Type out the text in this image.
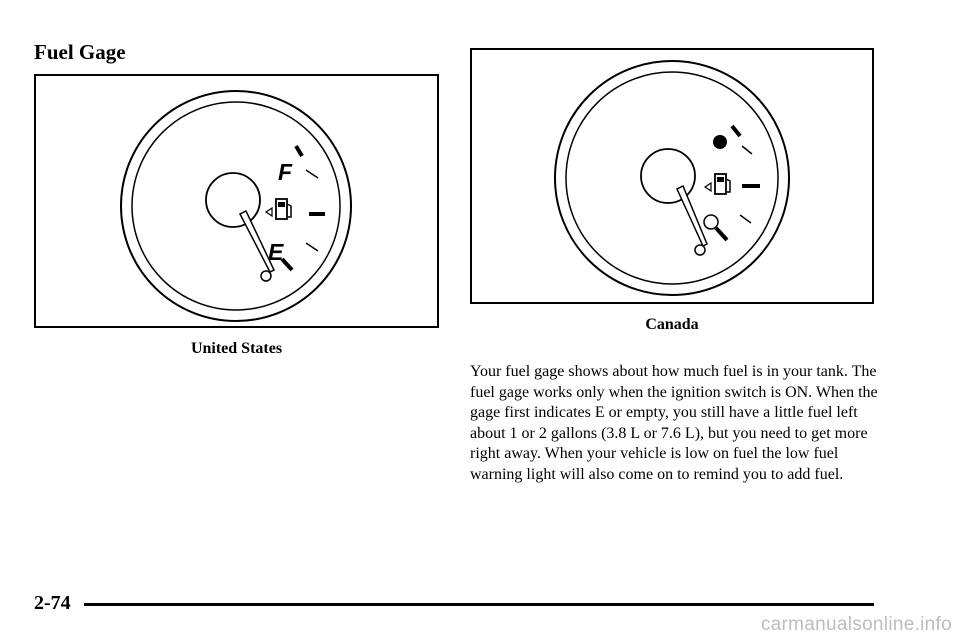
Fuel Gage
F
E
United States
Canada

Your fuel gage shows about how much fuel is in your tank. The fuel gage works only when the ignition switch is ON. When the gage first indicates E or empty, you still have a little fuel left about 1 or 2 gallons (3.8 L or 7.6 L), but you need to get more right away. When your vehicle is low on fuel the low fuel warning light will also come on to remind you to add fuel.

2-74
carmanualsonline.info
